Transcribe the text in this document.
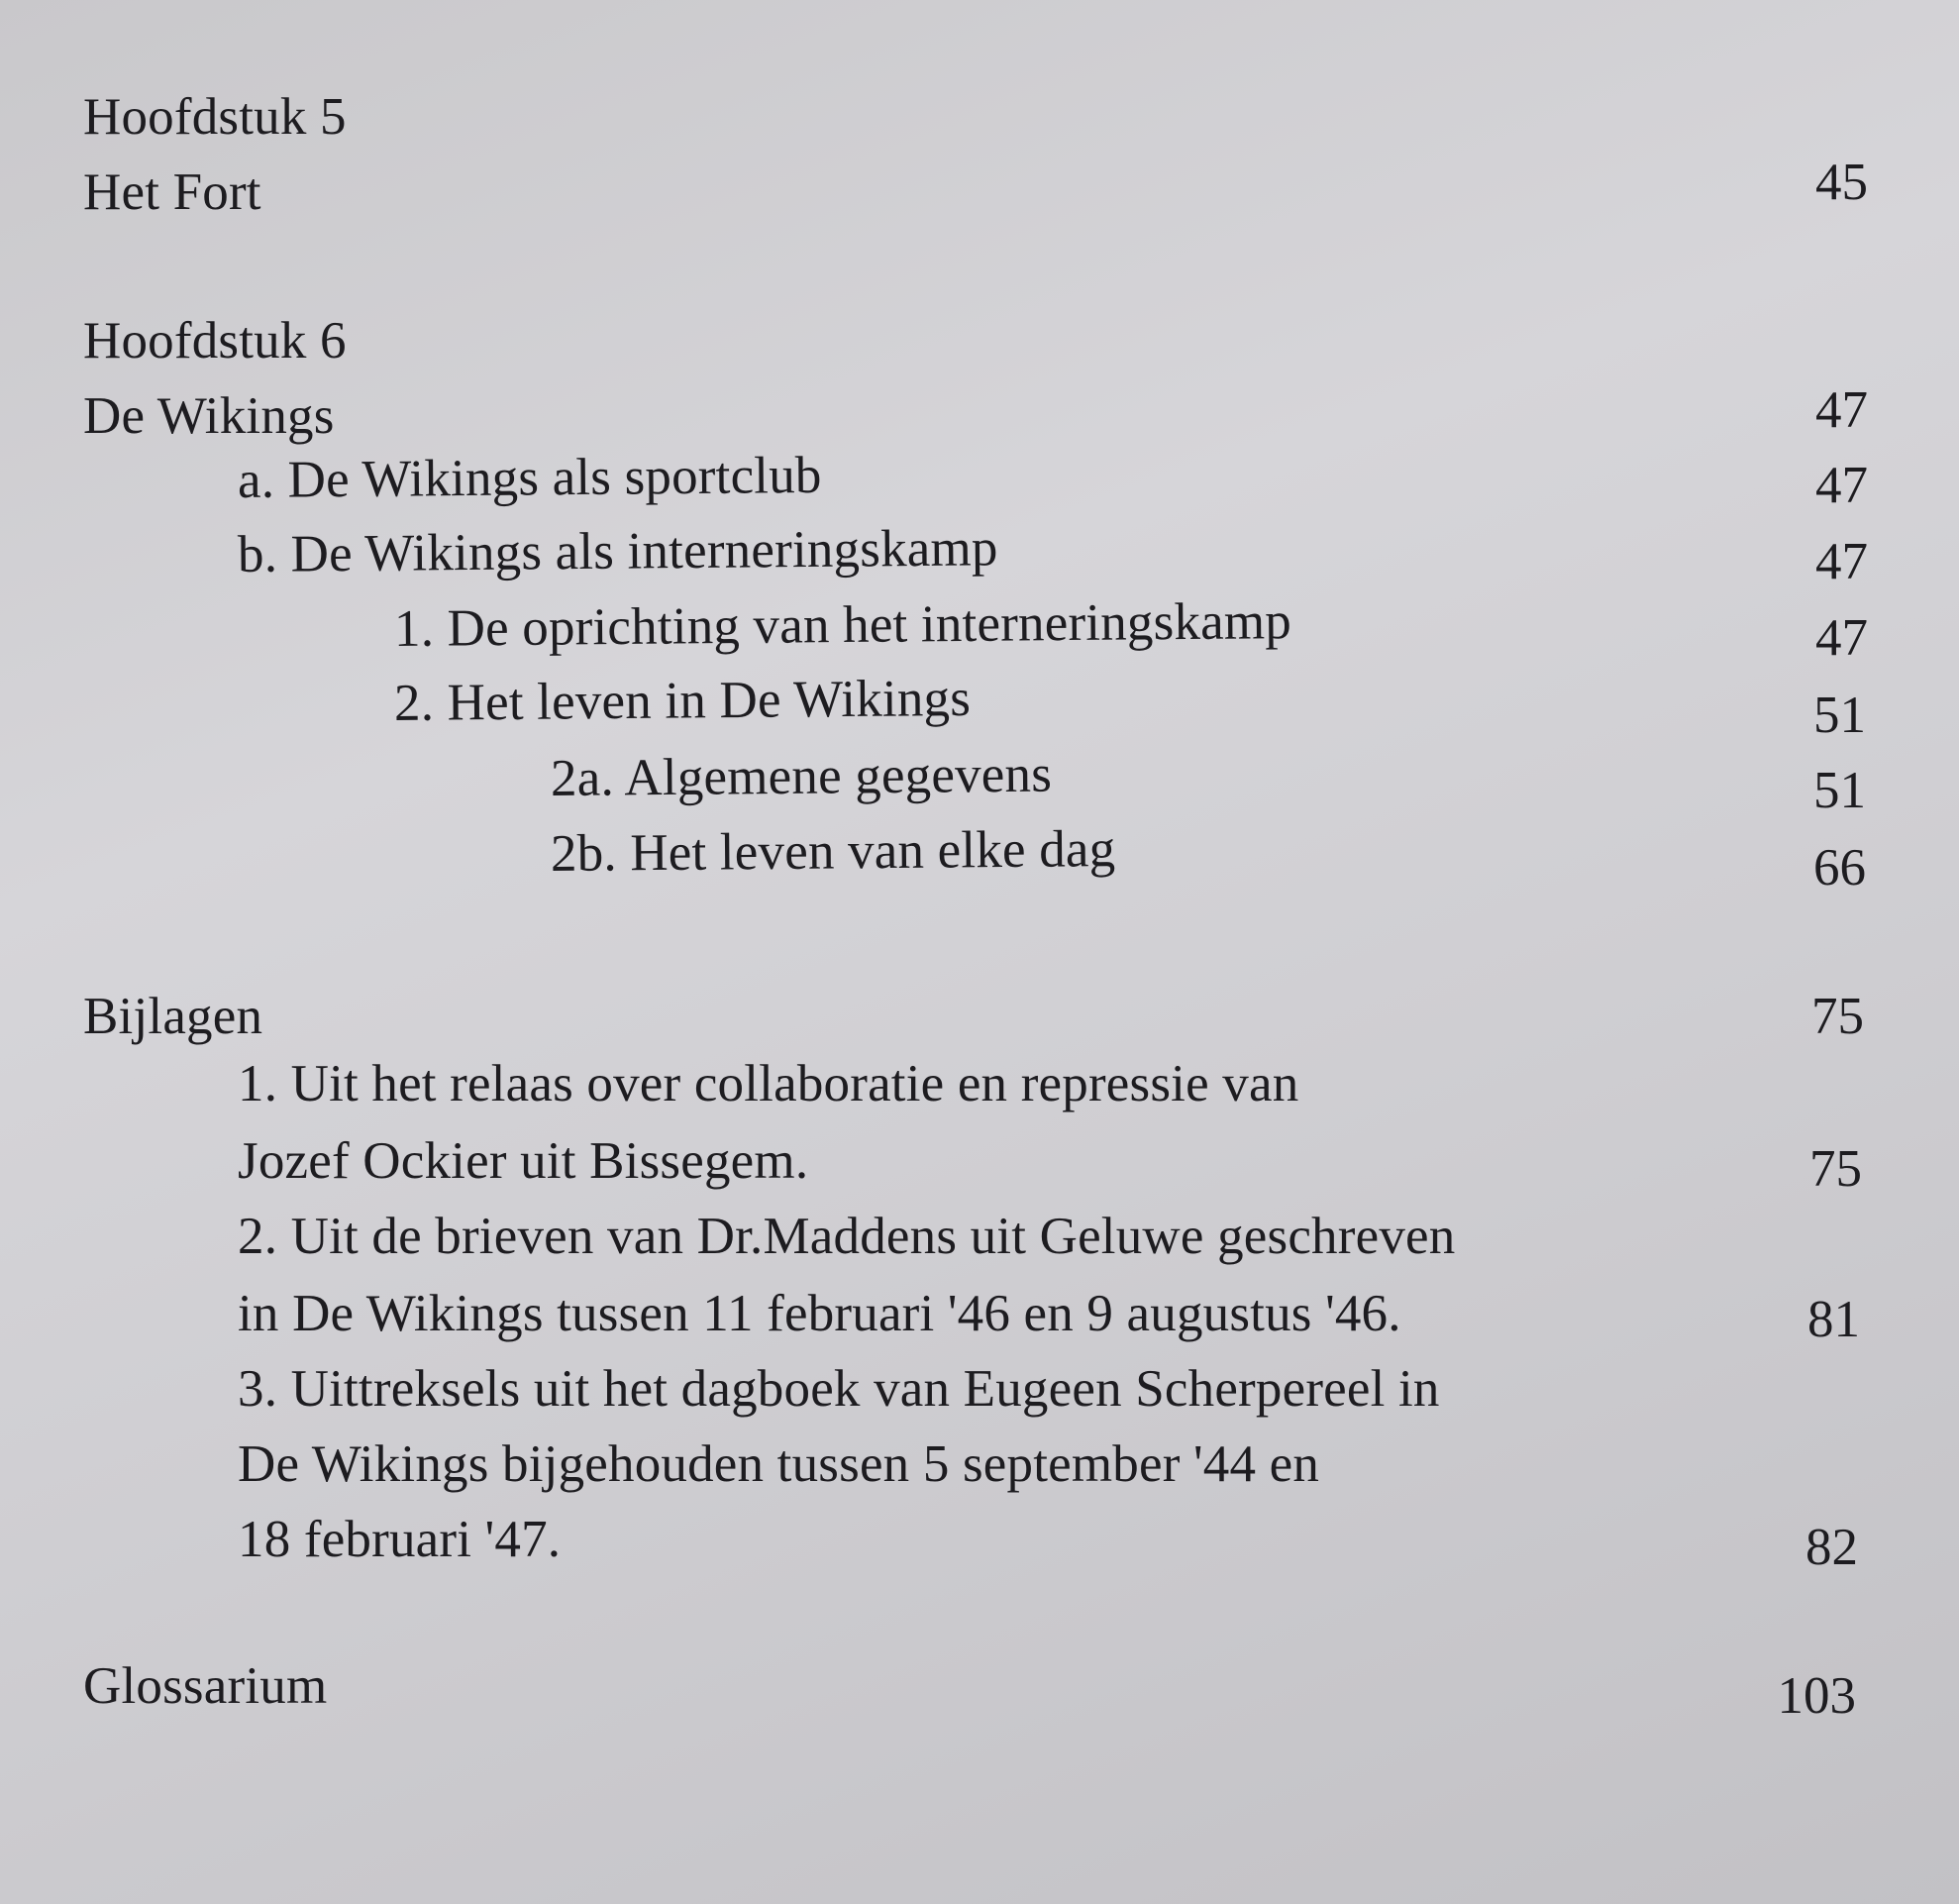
Hoofdstuk 5
Het Fort	45
Hoofdstuk 6
De Wikings	47
a. De Wikings als sportclub	47
b. De Wikings als interneringskamp	47
1. De oprichting van het interneringskamp	47
2. Het leven in De Wikings	51
2a. Algemene gegevens	51
2b. Het leven van elke dag	66
Bijlagen	75
1. Uit het relaas over collaboratie en repressie van
Jozef Ockier uit Bissegem.	75
2. Uit de brieven van Dr.Maddens uit Geluwe geschreven
in De Wikings tussen 11 februari '46 en 9 augustus '46.	81
3. Uittreksels uit het dagboek van Eugeen Scherpereel in
De Wikings bijgehouden tussen 5 september '44 en
18 februari '47.	82
Glossarium	103
